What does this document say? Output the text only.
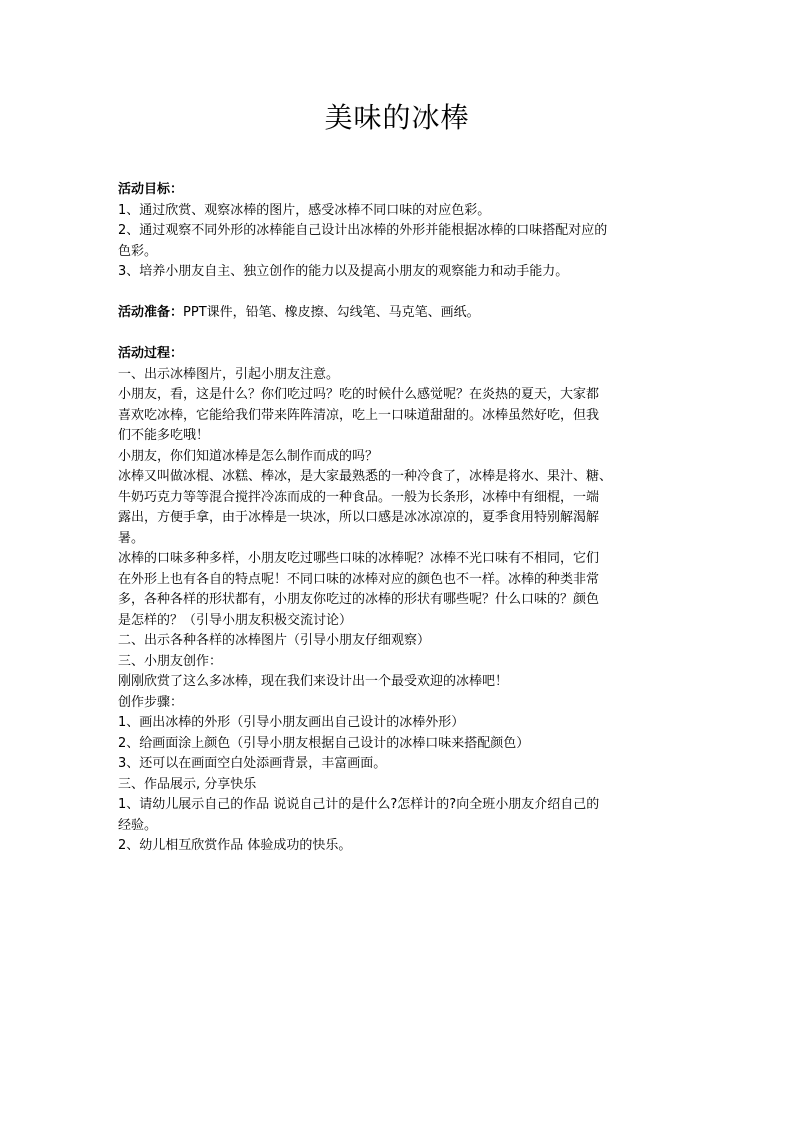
美味的冰棒
活动目标：
1、通过欣赏、观察冰棒的图片，感受冰棒不同口味的对应色彩。
2、通过观察不同外形的冰棒能自己设计出冰棒的外形并能根据冰棒的口味搭配对应的
色彩。
3、培养小朋友自主、独立创作的能力以及提高小朋友的观察能力和动手能力。
活动准备：PPT课件，铅笔、橡皮擦、勾线笔、马克笔、画纸。
活动过程：
一、出示冰棒图片，引起小朋友注意。
小朋友，看，这是什么？你们吃过吗？吃的时候什么感觉呢？在炎热的夏天，大家都
喜欢吃冰棒，它能给我们带来阵阵清凉，吃上一口味道甜甜的。冰棒虽然好吃，但我
们不能多吃哦！
小朋友，你们知道冰棒是怎么制作而成的吗？
冰棒又叫做冰棍、冰糕、棒冰，是大家最熟悉的一种冷食了，冰棒是将水、果汁、糖、
牛奶巧克力等等混合搅拌冷冻而成的一种食品。一般为长条形，冰棒中有细棍，一端
露出，方便手拿，由于冰棒是一块冰，所以口感是冰冰凉凉的，夏季食用特别解渴解
暑。
冰棒的口味多种多样，小朋友吃过哪些口味的冰棒呢？冰棒不光口味有不相同，它们
在外形上也有各自的特点呢！不同口味的冰棒对应的颜色也不一样。冰棒的种类非常
多，各种各样的形状都有，小朋友你吃过的冰棒的形状有哪些呢？什么口味的？颜色
是怎样的？（引导小朋友积极交流讨论）
二、出示各种各样的冰棒图片（引导小朋友仔细观察）
三、小朋友创作：
刚刚欣赏了这么多冰棒，现在我们来设计出一个最受欢迎的冰棒吧！
创作步骤：
1、画出冰棒的外形（引导小朋友画出自己设计的冰棒外形）
2、给画面涂上颜色（引导小朋友根据自己设计的冰棒口味来搭配颜色）
3、还可以在画面空白处添画背景，丰富画面。
三、作品展示, 分享快乐
1、请幼儿展示自己的作品 说说自己计的是什么?怎样计的?向全班小朋友介绍自己的
经验。
2、幼儿相互欣赏作品 体验成功的快乐。
